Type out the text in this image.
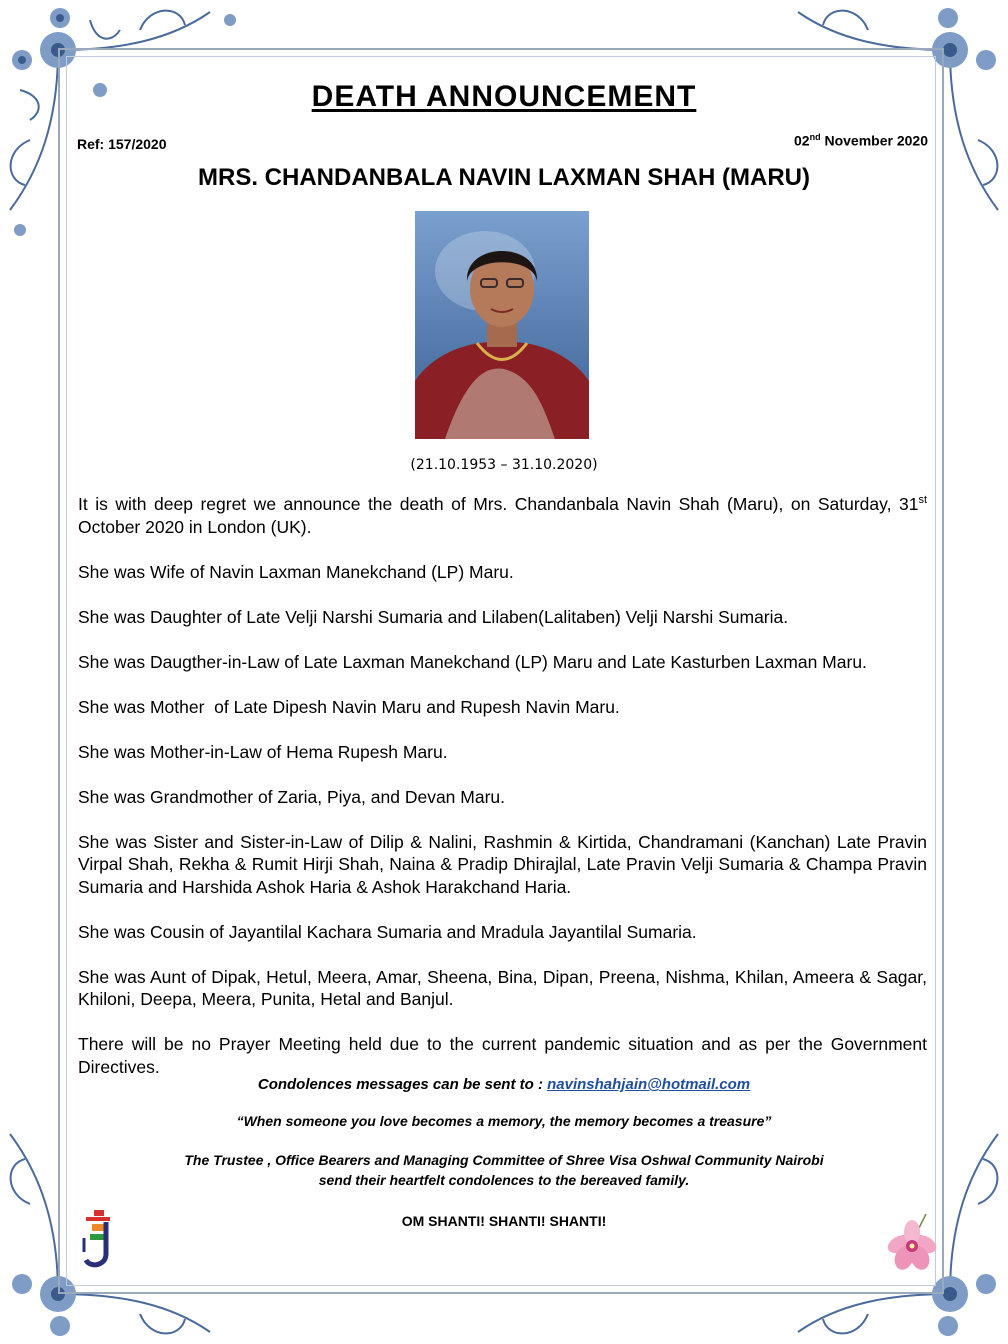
DEATH ANNOUNCEMENT
Ref: 157/2020	02nd November 2020
MRS. CHANDANBALA NAVIN LAXMAN SHAH (MARU)
(21.10.1953 – 31.10.2020)

It is with deep regret we announce the death of Mrs. Chandanbala Navin Shah (Maru), on Saturday, 31st October 2020 in London (UK).

She was Wife of Navin Laxman Manekchand (LP) Maru.

She was Daughter of Late Velji Narshi Sumaria and Lilaben(Lalitaben) Velji Narshi Sumaria.

She was Daugther-in-Law of Late Laxman Manekchand (LP) Maru and Late Kasturben Laxman Maru.

She was Mother  of Late Dipesh Navin Maru and Rupesh Navin Maru.

She was Mother-in-Law of Hema Rupesh Maru.

She was Grandmother of Zaria, Piya, and Devan Maru.

She was Sister and Sister-in-Law of Dilip & Nalini, Rashmin & Kirtida, Chandramani (Kanchan) Late Pravin Virpal Shah, Rekha & Rumit Hirji Shah, Naina & Pradip Dhirajlal, Late Pravin Velji Sumaria & Champa Pravin Sumaria and Harshida Ashok Haria & Ashok Harakchand Haria.

She was Cousin of Jayantilal Kachara Sumaria and Mradula Jayantilal Sumaria.

She was Aunt of Dipak, Hetul, Meera, Amar, Sheena, Bina, Dipan, Preena, Nishma, Khilan, Ameera & Sagar, Khiloni, Deepa, Meera, Punita, Hetal and Banjul.

There will be no Prayer Meeting held due to the current pandemic situation and as per the Government Directives.

Condolences messages can be sent to : navinshahjain@hotmail.com
“When someone you love becomes a memory, the memory becomes a treasure”
The Trustee , Office Bearers and Managing Committee of Shree Visa Oshwal Community Nairobi
send their heartfelt condolences to the bereaved family.
OM SHANTI! SHANTI! SHANTI!
